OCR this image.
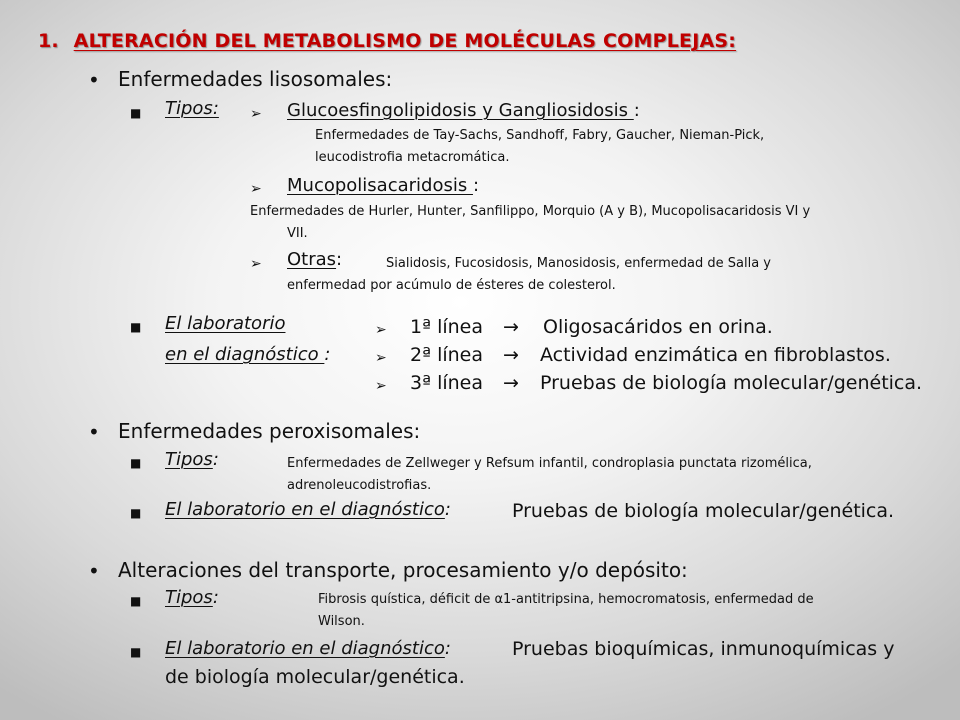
1. ALTERACIÓN DEL METABOLISMO DE MOLÉCULAS COMPLEJAS:
• Enfermedades lisosomales:
■ Tipos: ➢ Glucoesfingolipidosis y Gangliosidosis :
Enfermedades de Tay-Sachs, Sandhoff, Fabry, Gaucher, Nieman-Pick,
leucodistrofia metacromática.
➢ Mucopolisacaridosis :
Enfermedades de Hurler, Hunter, Sanfilippo, Morquio (A y B), Mucopolisacaridosis VI y
VII.
➢ Otras:	Sialidosis, Fucosidosis, Manosidosis, enfermedad de Salla y
enfermedad por acúmulo de ésteres de colesterol.
■ El laboratorio
en el diagnóstico :
➢ 1ª línea → Oligosacáridos en orina.
➢ 2ª línea → Actividad enzimática en fibroblastos.
➢ 3ª línea → Pruebas de biología molecular/genética.
• Enfermedades peroxisomales:
■ Tipos:	Enfermedades de Zellweger y Refsum infantil, condroplasia punctata rizomélica,
adrenoleucodistrofias.
■ El laboratorio en el diagnóstico:	Pruebas de biología molecular/genética.
• Alteraciones del transporte, procesamiento y/o depósito:
■ Tipos:	Fibrosis quística, déficit de α1-antitripsina, hemocromatosis, enfermedad de
Wilson.
■ El laboratorio en el diagnóstico:	Pruebas bioquímicas, inmunoquímicas y
de biología molecular/genética.
